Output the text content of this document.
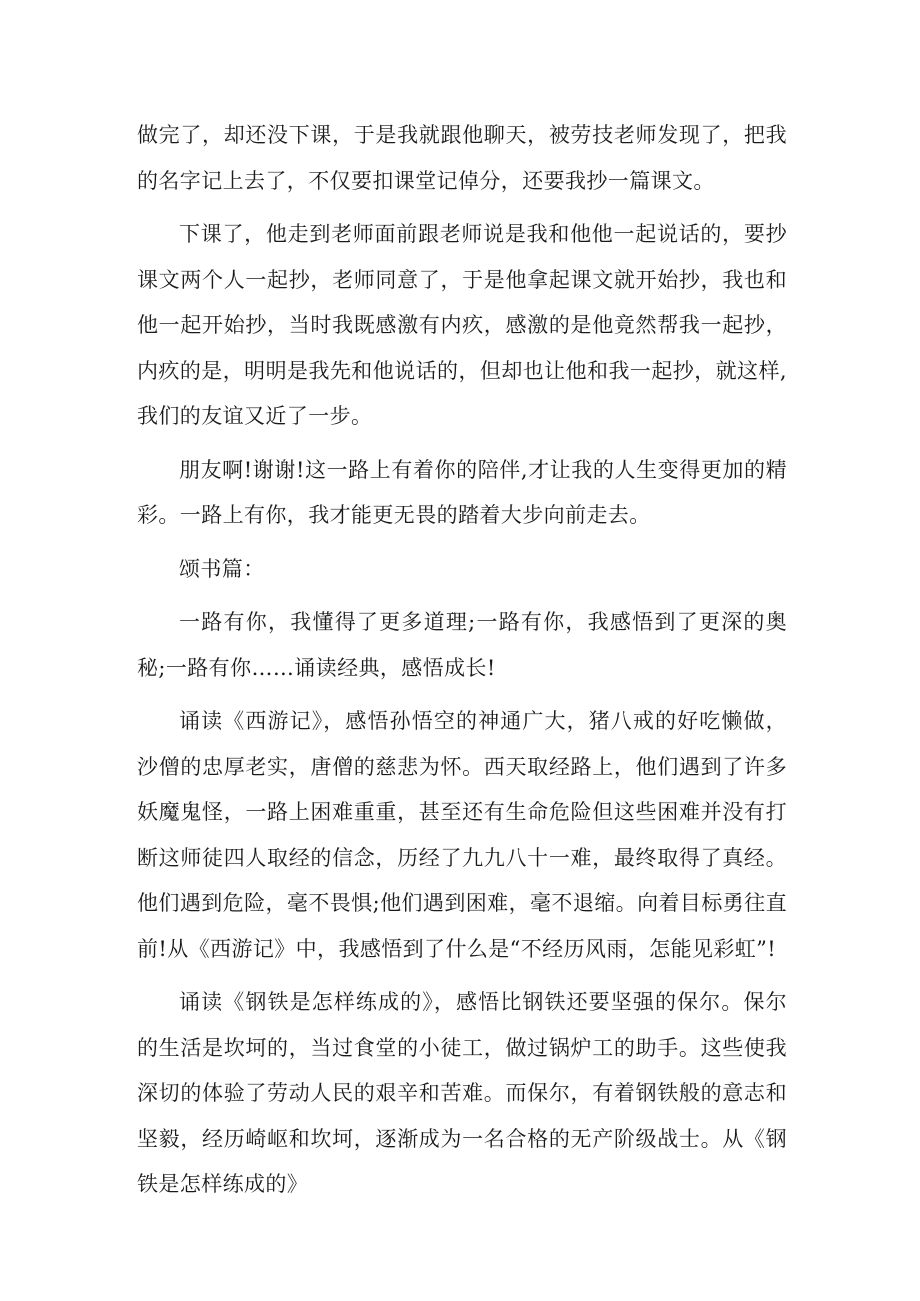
做完了，却还没下课，于是我就跟他聊天，被劳技老师发现了，把我的名字记上去了，不仅要扣课堂记倬分，还要我抄一篇课文。

下课了，他走到老师面前跟老师说是我和他他一起说话的，要抄课文两个人一起抄，老师同意了，于是他拿起课文就开始抄，我也和他一起开始抄，当时我既感激有内疚，感激的是他竟然帮我一起抄，内疚的是，明明是我先和他说话的，但却也让他和我一起抄，就这样,我们的友谊又近了一步。

朋友啊!谢谢!这一路上有着你的陪伴,才让我的人生变得更加的精彩。一路上有你，我才能更无畏的踏着大步向前走去。

颂书篇：

一路有你，我懂得了更多道理;一路有你，我感悟到了更深的奥秘;一路有你……诵读经典，感悟成长!

诵读《西游记》，感悟孙悟空的神通广大，猪八戒的好吃懒做，沙僧的忠厚老实，唐僧的慈悲为怀。西天取经路上，他们遇到了许多妖魔鬼怪，一路上困难重重，甚至还有生命危险但这些困难并没有打断这师徒四人取经的信念，历经了九九八十一难，最终取得了真经。他们遇到危险，毫不畏惧;他们遇到困难，毫不退缩。向着目标勇往直前!从《西游记》中，我感悟到了什么是“不经历风雨，怎能见彩虹”!

诵读《钢铁是怎样练成的》，感悟比钢铁还要坚强的保尔。保尔的生活是坎坷的，当过食堂的小徒工，做过锅炉工的助手。这些使我深切的体验了劳动人民的艰辛和苦难。而保尔，有着钢铁般的意志和坚毅，经历崎岖和坎坷，逐渐成为一名合格的无产阶级战士。从《钢铁是怎样练成的》
